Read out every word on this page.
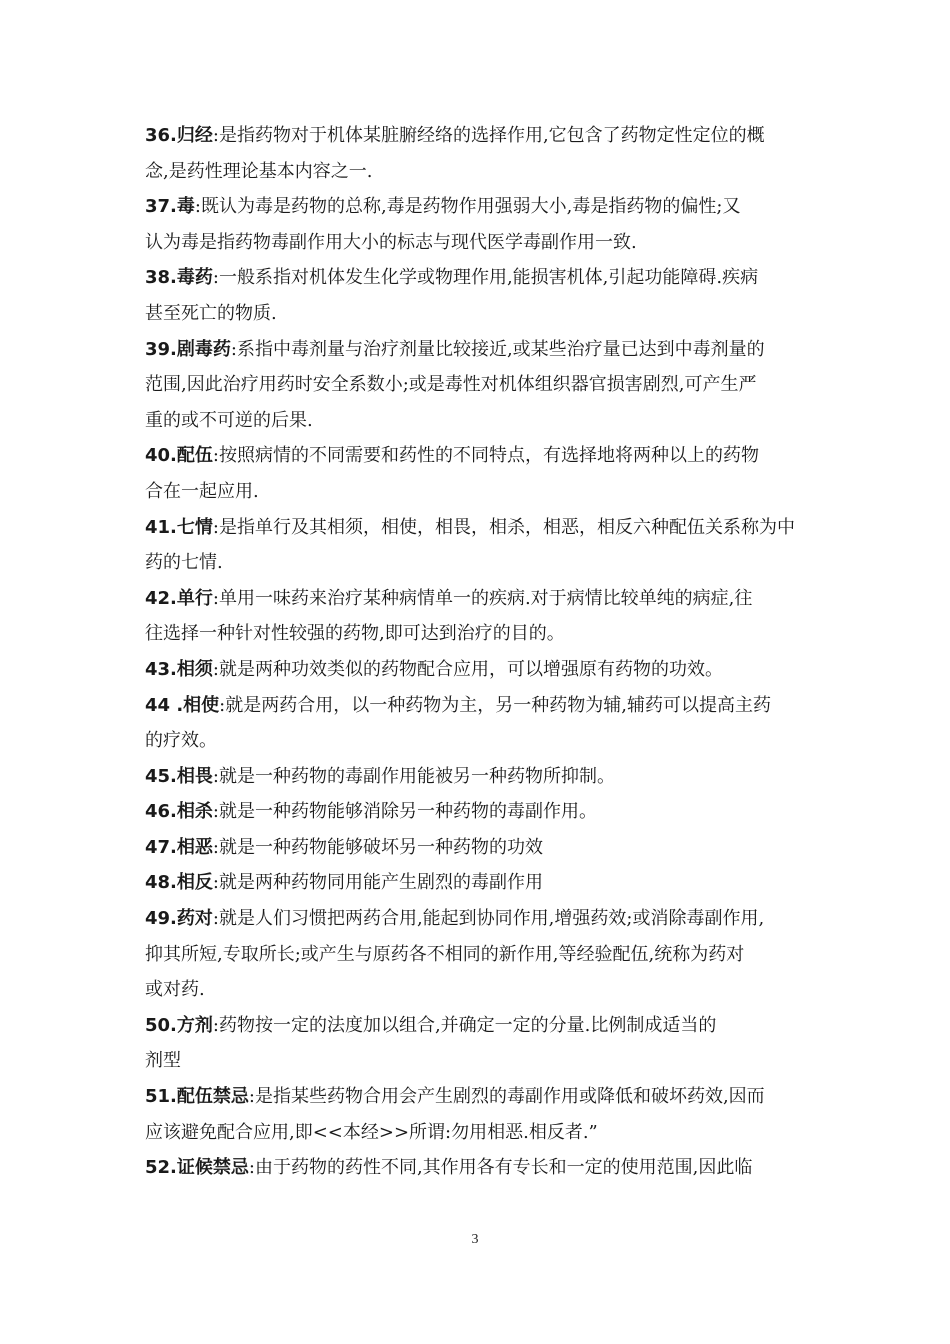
36.归经:是指药物对于机体某脏腑经络的选择作用,它包含了药物定性定位的概
念,是药性理论基本内容之一.
37.毒:既认为毒是药物的总称,毒是药物作用强弱大小,毒是指药物的偏性;又
认为毒是指药物毒副作用大小的标志与现代医学毒副作用一致.
38.毒药:一般系指对机体发生化学或物理作用,能损害机体,引起功能障碍.疾病
甚至死亡的物质.
39.剧毒药:系指中毒剂量与治疗剂量比较接近,或某些治疗量已达到中毒剂量的
范围,因此治疗用药时安全系数小;或是毒性对机体组织器官损害剧烈,可产生严
重的或不可逆的后果.
40.配伍:按照病情的不同需要和药性的不同特点，有选择地将两种以上的药物
合在一起应用.
41.七情:是指单行及其相须，相使，相畏，相杀，相恶，相反六种配伍关系称为中
药的七情.
42.单行:单用一味药来治疗某种病情单一的疾病.对于病情比较单纯的病症,往
往选择一种针对性较强的药物,即可达到治疗的目的。
43.相须:就是两种功效类似的药物配合应用，可以增强原有药物的功效。
44 .相使:就是两药合用，以一种药物为主，另一种药物为辅,辅药可以提高主药
的疗效。
45.相畏:就是一种药物的毒副作用能被另一种药物所抑制。
46.相杀:就是一种药物能够消除另一种药物的毒副作用。
47.相恶:就是一种药物能够破坏另一种药物的功效
48.相反:就是两种药物同用能产生剧烈的毒副作用
49.药对:就是人们习惯把两药合用,能起到协同作用,增强药效;或消除毒副作用,
抑其所短,专取所长;或产生与原药各不相同的新作用,等经验配伍,统称为药对
或对药.
50.方剂:药物按一定的法度加以组合,并确定一定的分量.比例制成适当的
剂型
51.配伍禁忌:是指某些药物合用会产生剧烈的毒副作用或降低和破坏药效,因而
应该避免配合应用,即<<本经>>所谓:勿用相恶.相反者.”
52.证候禁忌:由于药物的药性不同,其作用各有专长和一定的使用范围,因此临
3
